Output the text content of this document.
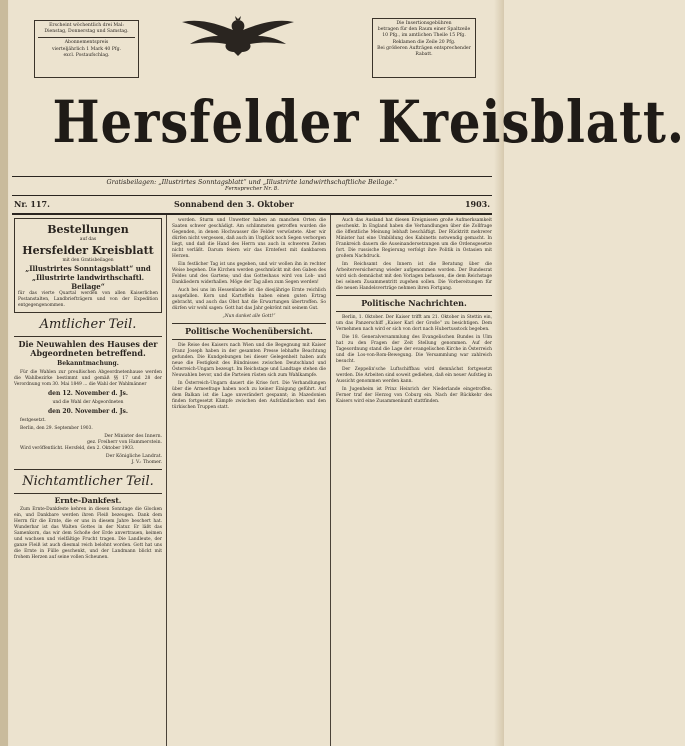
Erscheint wöchentlich drei Mal:

Dienstag, Donnerstag und Samstag.

Abonnementspreis

vierteljährlich 1 Mark 40 Pfg.

excl. Postaufschlag.

Die Insertionsgebühren

betragen für den Raum einer Spaltzeile

10 Pfg., im amtlichen Theile 15 Pfg.

Reklamen die Zeile 20 Pfg.

Bei größeren Aufträgen entsprechender

Rabatt.

Hersfelder Kreisblatt.
Gratisbeilagen: „Illustrirtes Sonntagsblatt“ und „Illustrirte landwirthschaftliche Beilage.“
Fernsprecher Nr. 8.
Nr. 117.	Sonnabend den 3. Oktober	1903.
Bestellungen
auf das
Hersfelder Kreisblatt
mit den Gratisbeilagen
„Illustrirtes Sonntagsblatt“ und
„Illustrirte landwirthschaftl. Beilage“
für das vierte Quartal werden von allen Kaiserlichen Postanstalten, Landbriefträgern und von der Expedition entgegengenommen.
Amtlicher Teil.
Die Neuwahlen des Hauses der Abgeordneten betreffend.
Bekanntmachung.

Für die Wahlen zur preußischen Abgeordnetenhause werden die Wahlbezirke bestimmt und gemäß §§ 17 und 28 der Verordnung vom 30. Mai 1849 ... die Wahl der Wahlmänner

den 12. November d. Js.

und die Wahl der Abgeordneten

den 20. November d. Js.

festgesetzt.

Berlin, den 29. September 1903.

Der Minister des Innern.
gez. Freiherr von Hammerstein.

Wird veröffentlicht. Hersfeld, den 2. Oktober 1903.

Der Königliche Landrat.
J. V.: Thomer.
Nichtamtlicher Teil.
Ernte-Dankfest.

Zum Ernte-Dankfeste kehren in diesen Sonntage die Glocken ein, und Dankbare werden ihren Fleiß bezeugen. Dank dem Herrn für die Ernte, die er uns in diesem Jahre beschert hat. Wunderbar ist das Walten Gottes in der Natur. Er läßt das Samenkorn, das wir dem Schoße der Erde anvertrauen, keimen und wachsen und vielfältige Frucht tragen. Die Landleute, der ganze Fleiß ist auch diesmal reich belohnt worden. Gott hat uns die Ernte in Fülle geschenkt, und der Landmann blickt mit frohem Herzen auf seine vollen Scheunen.

worden. Sturm und Unwetter haben an manchen Orten die Saaten schwer geschädigt. Am schlimmsten getroffen wurden die Gegenden, in denen Hochwasser die Felder verwüstete. Aber wir dürfen nicht vergessen, daß auch im Unglück noch Segen verborgen liegt, und daß die Hand des Herrn uns auch in schweren Zeiten nicht verläßt. Darum feiern wir das Erntefest mit dankbarem Herzen.

Ein festlicher Tag ist uns gegeben, und wir wollen ihn in rechter Weise begehen. Die Kirchen werden geschmückt mit den Gaben des Feldes und des Gartens; und das Gotteshaus wird von Lob- und Dankliedern widerhallen. Möge der Tag allen zum Segen werden!

Auch bei uns im Hessenlande ist die diesjährige Ernte reichlich ausgefallen. Korn und Kartoffeln haben einen guten Ertrag gebracht, und auch das Obst hat die Erwartungen übertroffen. So dürfen wir wohl sagen: Gott hat das Jahr gekrönt mit seinem Gut.

„Nun danket alle Gott!“

Politische Wochenübersicht.

Die Reise des Kaisers nach Wien und die Begegnung mit Kaiser Franz Joseph haben in der gesamten Presse lebhafte Beachtung gefunden. Die Kundgebungen bei dieser Gelegenheit haben aufs neue die Festigkeit des Bündnisses zwischen Deutschland und Österreich-Ungarn bezeugt. Im Reichstage und Landtage stehen die Neuwahlen bevor, und die Parteien rüsten sich zum Wahlkampfe.

In Österreich-Ungarn dauert die Krise fort. Die Verhandlungen über die Armeefrage haben noch zu keiner Einigung geführt. Auf dem Balkan ist die Lage unverändert gespannt; in Mazedonien finden fortgesetzt Kämpfe zwischen den Aufständischen und den türkischen Truppen statt.

Auch das Ausland hat diesen Ereignissen große Aufmerksamkeit geschenkt. In England haben die Verhandlungen über die Zollfrage die öffentliche Meinung lebhaft beschäftigt. Der Rücktritt mehrerer Minister hat eine Umbildung des Kabinetts notwendig gemacht. In Frankreich dauern die Auseinandersetzungen um die Ordensgesetze fort. Die russische Regierung verfolgt ihre Politik in Ostasien mit großem Nachdruck.

Im Reichsamt des Innern ist die Beratung über die Arbeiterversicherung wieder aufgenommen worden. Der Bundesrat wird sich demnächst mit den Vorlagen befassen, die dem Reichstage bei seinem Zusammentritt zugehen sollen. Die Vorbereitungen für die neuen Handelsverträge nehmen ihren Fortgang.

Politische Nachrichten.

Berlin, 1. Oktober. Der Kaiser trifft am 21. Oktober in Stettin ein, um das Panzerschiff „Kaiser Karl der Große“ zu besichtigen. Dem Vernehmen nach wird er sich von dort nach Hubertusstock begeben.

Die 18. Generalversammlung des Evangelischen Bundes in Ulm hat zu den Fragen der Zeit Stellung genommen. Auf der Tagesordnung stand die Lage der evangelischen Kirche in Österreich und die Los-von-Rom-Bewegung. Die Versammlung war zahlreich besucht.

Der Zeppelin'sche Luftschiffbau wird demnächst fortgesetzt werden. Die Arbeiten sind soweit gediehen, daß ein neuer Aufstieg in Aussicht genommen werden kann.

In Jugenheim ist Prinz Heinrich der Niederlande eingetroffen. Ferner traf der Herzog von Coburg ein. Nach der Rückkehr des Kaisers wird eine Zusammenkunft stattfinden.
